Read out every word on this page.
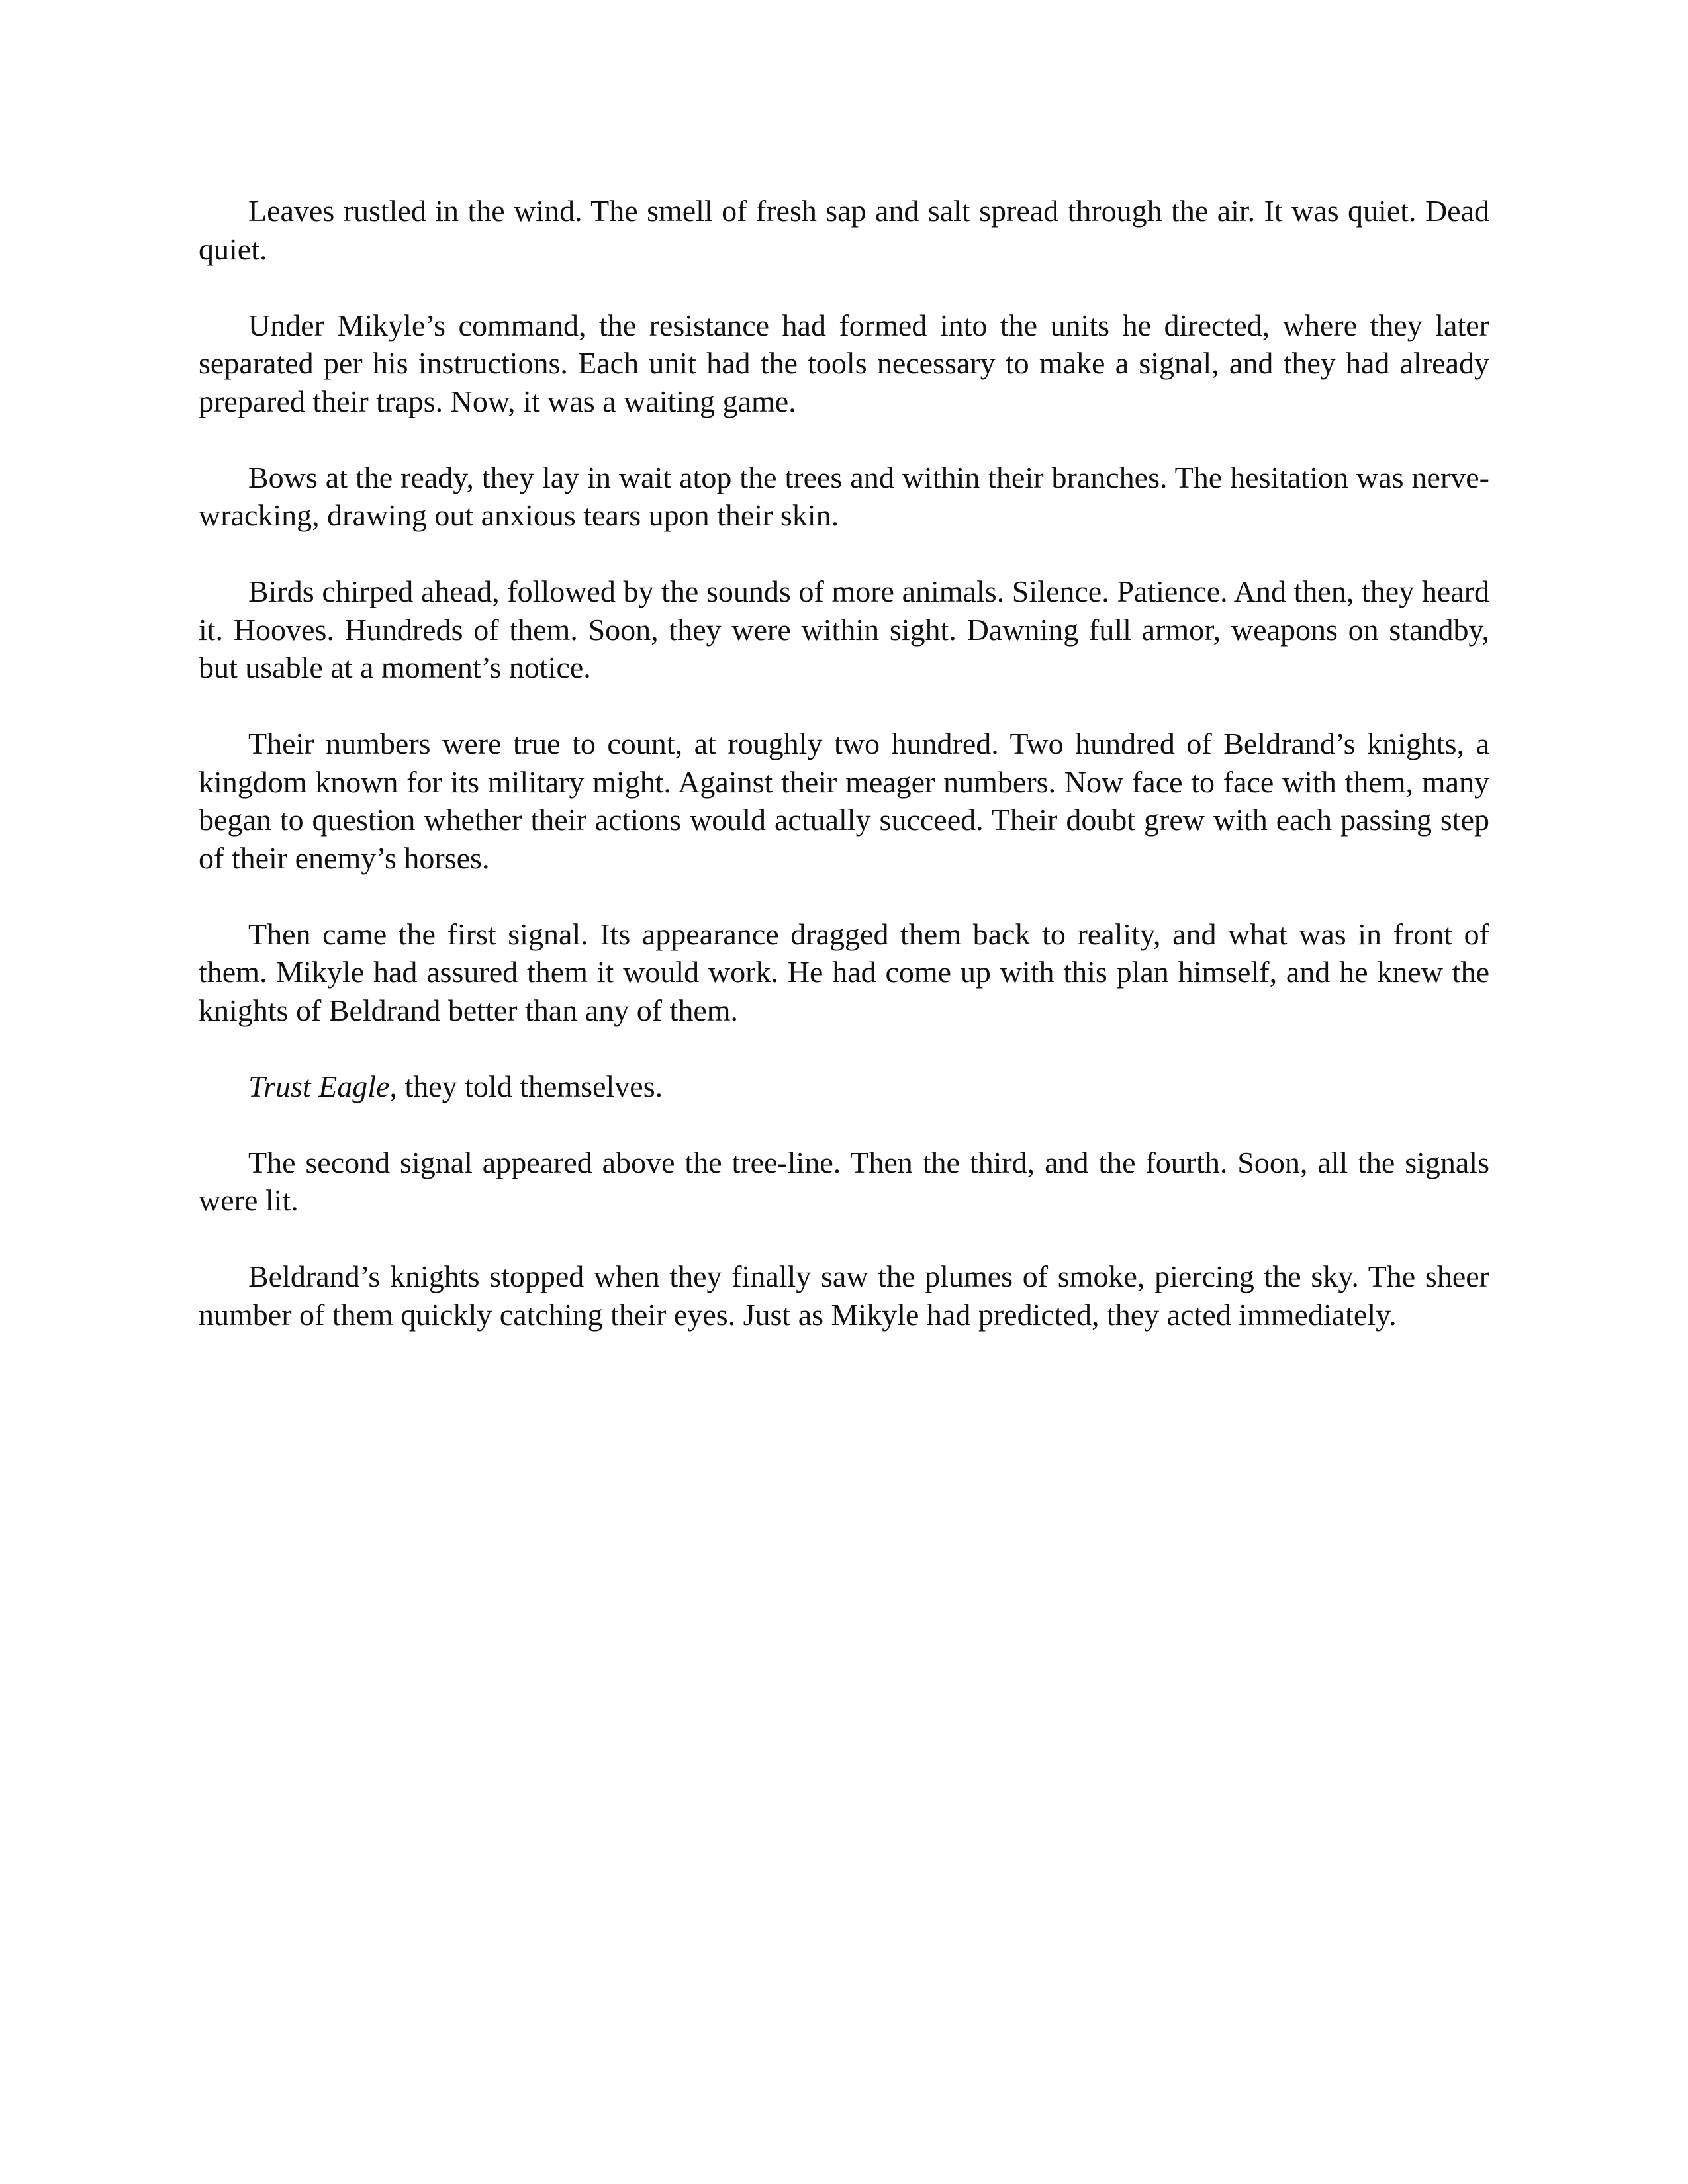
Leaves rustled in the wind. The smell of fresh sap and salt spread through the air. It was quiet. Dead quiet.

Under Mikyle’s command, the resistance had formed into the units he directed, where they later separated per his instructions. Each unit had the tools necessary to make a signal, and they had already prepared their traps. Now, it was a waiting game.

Bows at the ready, they lay in wait atop the trees and within their branches. The hesitation was nerve-wracking, drawing out anxious tears upon their skin.

Birds chirped ahead, followed by the sounds of more animals. Silence. Patience. And then, they heard it. Hooves. Hundreds of them. Soon, they were within sight. Dawning full armor, weapons on standby, but usable at a moment’s notice.

Their numbers were true to count, at roughly two hundred. Two hundred of Beldrand’s knights, a kingdom known for its military might. Against their meager numbers. Now face to face with them, many began to question whether their actions would actually succeed. Their doubt grew with each passing step of their enemy’s horses.

Then came the first signal. Its appearance dragged them back to reality, and what was in front of them. Mikyle had assured them it would work. He had come up with this plan himself, and he knew the knights of Beldrand better than any of them.

Trust Eagle, they told themselves.

The second signal appeared above the tree-line. Then the third, and the fourth. Soon, all the signals were lit.

Beldrand’s knights stopped when they finally saw the plumes of smoke, piercing the sky. The sheer number of them quickly catching their eyes. Just as Mikyle had predicted, they acted immediately.
